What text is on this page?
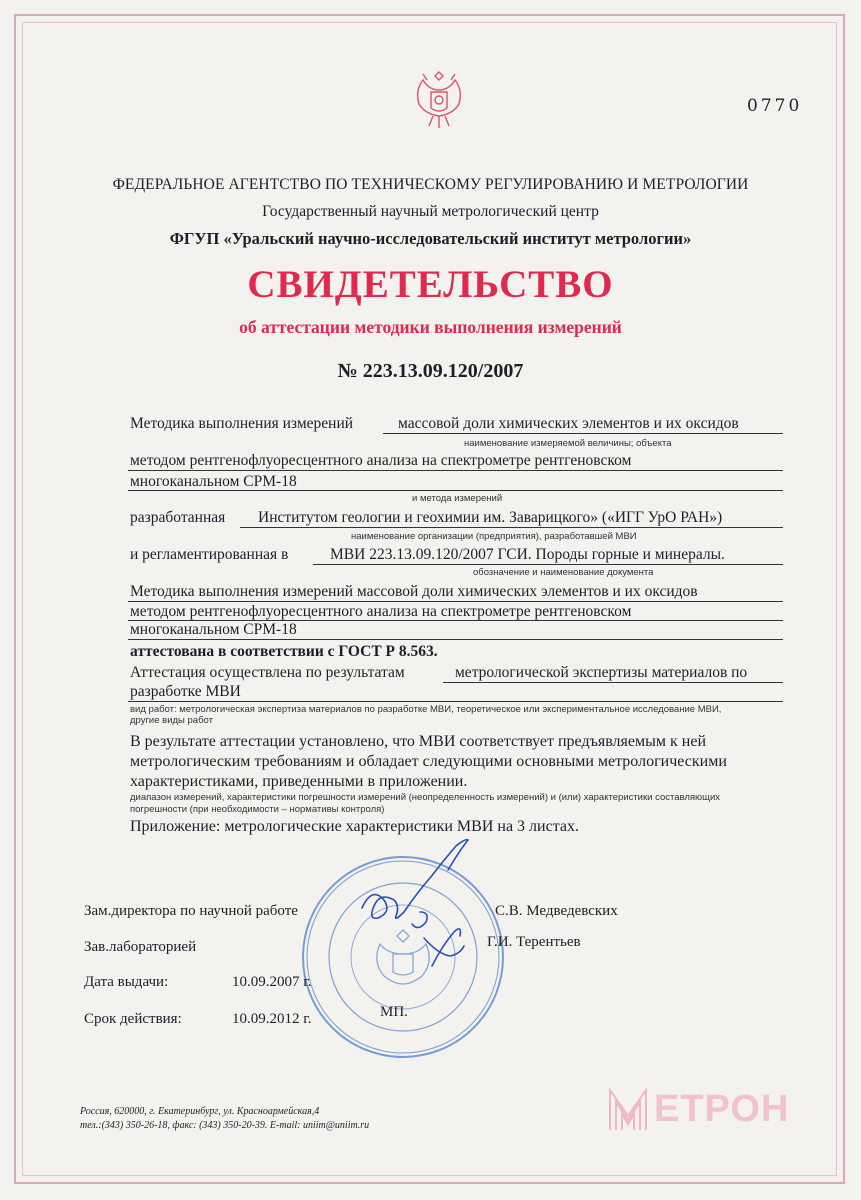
0770
ФЕДЕРАЛЬНОЕ АГЕНТСТВО ПО ТЕХНИЧЕСКОМУ РЕГУЛИРОВАНИЮ И МЕТРОЛОГИИ
Государственный научный метрологический центр
ФГУП «Уральский научно-исследовательский институт метрологии»
СВИДЕТЕЛЬСТВО
об аттестации методики выполнения измерений
№ 223.13.09.120/2007
Методика выполнения измерений	массовой доли химических элементов и их оксидов
наименование измеряемой величины; объекта
методом рентгенофлуоресцентного анализа на спектрометре рентгеновском
многоканальном СРМ-18
и метода измерений
разработанная Институтом геологии и геохимии им. Заварицкого» («ИГГ УрО РАН»)
наименование организации (предприятия), разработавшей МВИ
и регламентированная в	МВИ 223.13.09.120/2007 ГСИ. Породы горные и минералы.
обозначение и наименование документа
Методика выполнения измерений массовой доли химических элементов и их оксидов
методом рентгенофлуоресцентного анализа на спектрометре рентгеновском
многоканальном СРМ-18
аттестована в соответствии с ГОСТ Р 8.563.
Аттестация осуществлена по результатам	метрологической экспертизы материалов по
разработке МВИ
вид работ: метрологическая экспертиза материалов по разработке МВИ, теоретическое или экспериментальное исследование МВИ,
другие виды работ
В результате аттестации установлено, что МВИ соответствует предъявляемым к ней
метрологическим требованиям и обладает следующими основными метрологическими
характеристиками, приведенными в приложении.
диапазон измерений, характеристики погрешности измерений (неопределенность измерений) и (или) характеристики составляющих
погрешности (при необходимости – нормативы контроля)
Приложение: метрологические характеристики МВИ на 3 листах.
Зам.директора по научной работе	С.В. Медведевских
Зав.лабораторией	Г.И. Терентьев
Дата выдачи:	10.09.2007 г.
Срок действия:	10.09.2012 г.	МП.
Россия, 620000, г. Екатеринбург, ул. Красноармейская,4
тел.:(343) 350-26-18, факс: (343) 350-20-39. E-mail: uniim@uniim.ru	ЕТРОН
